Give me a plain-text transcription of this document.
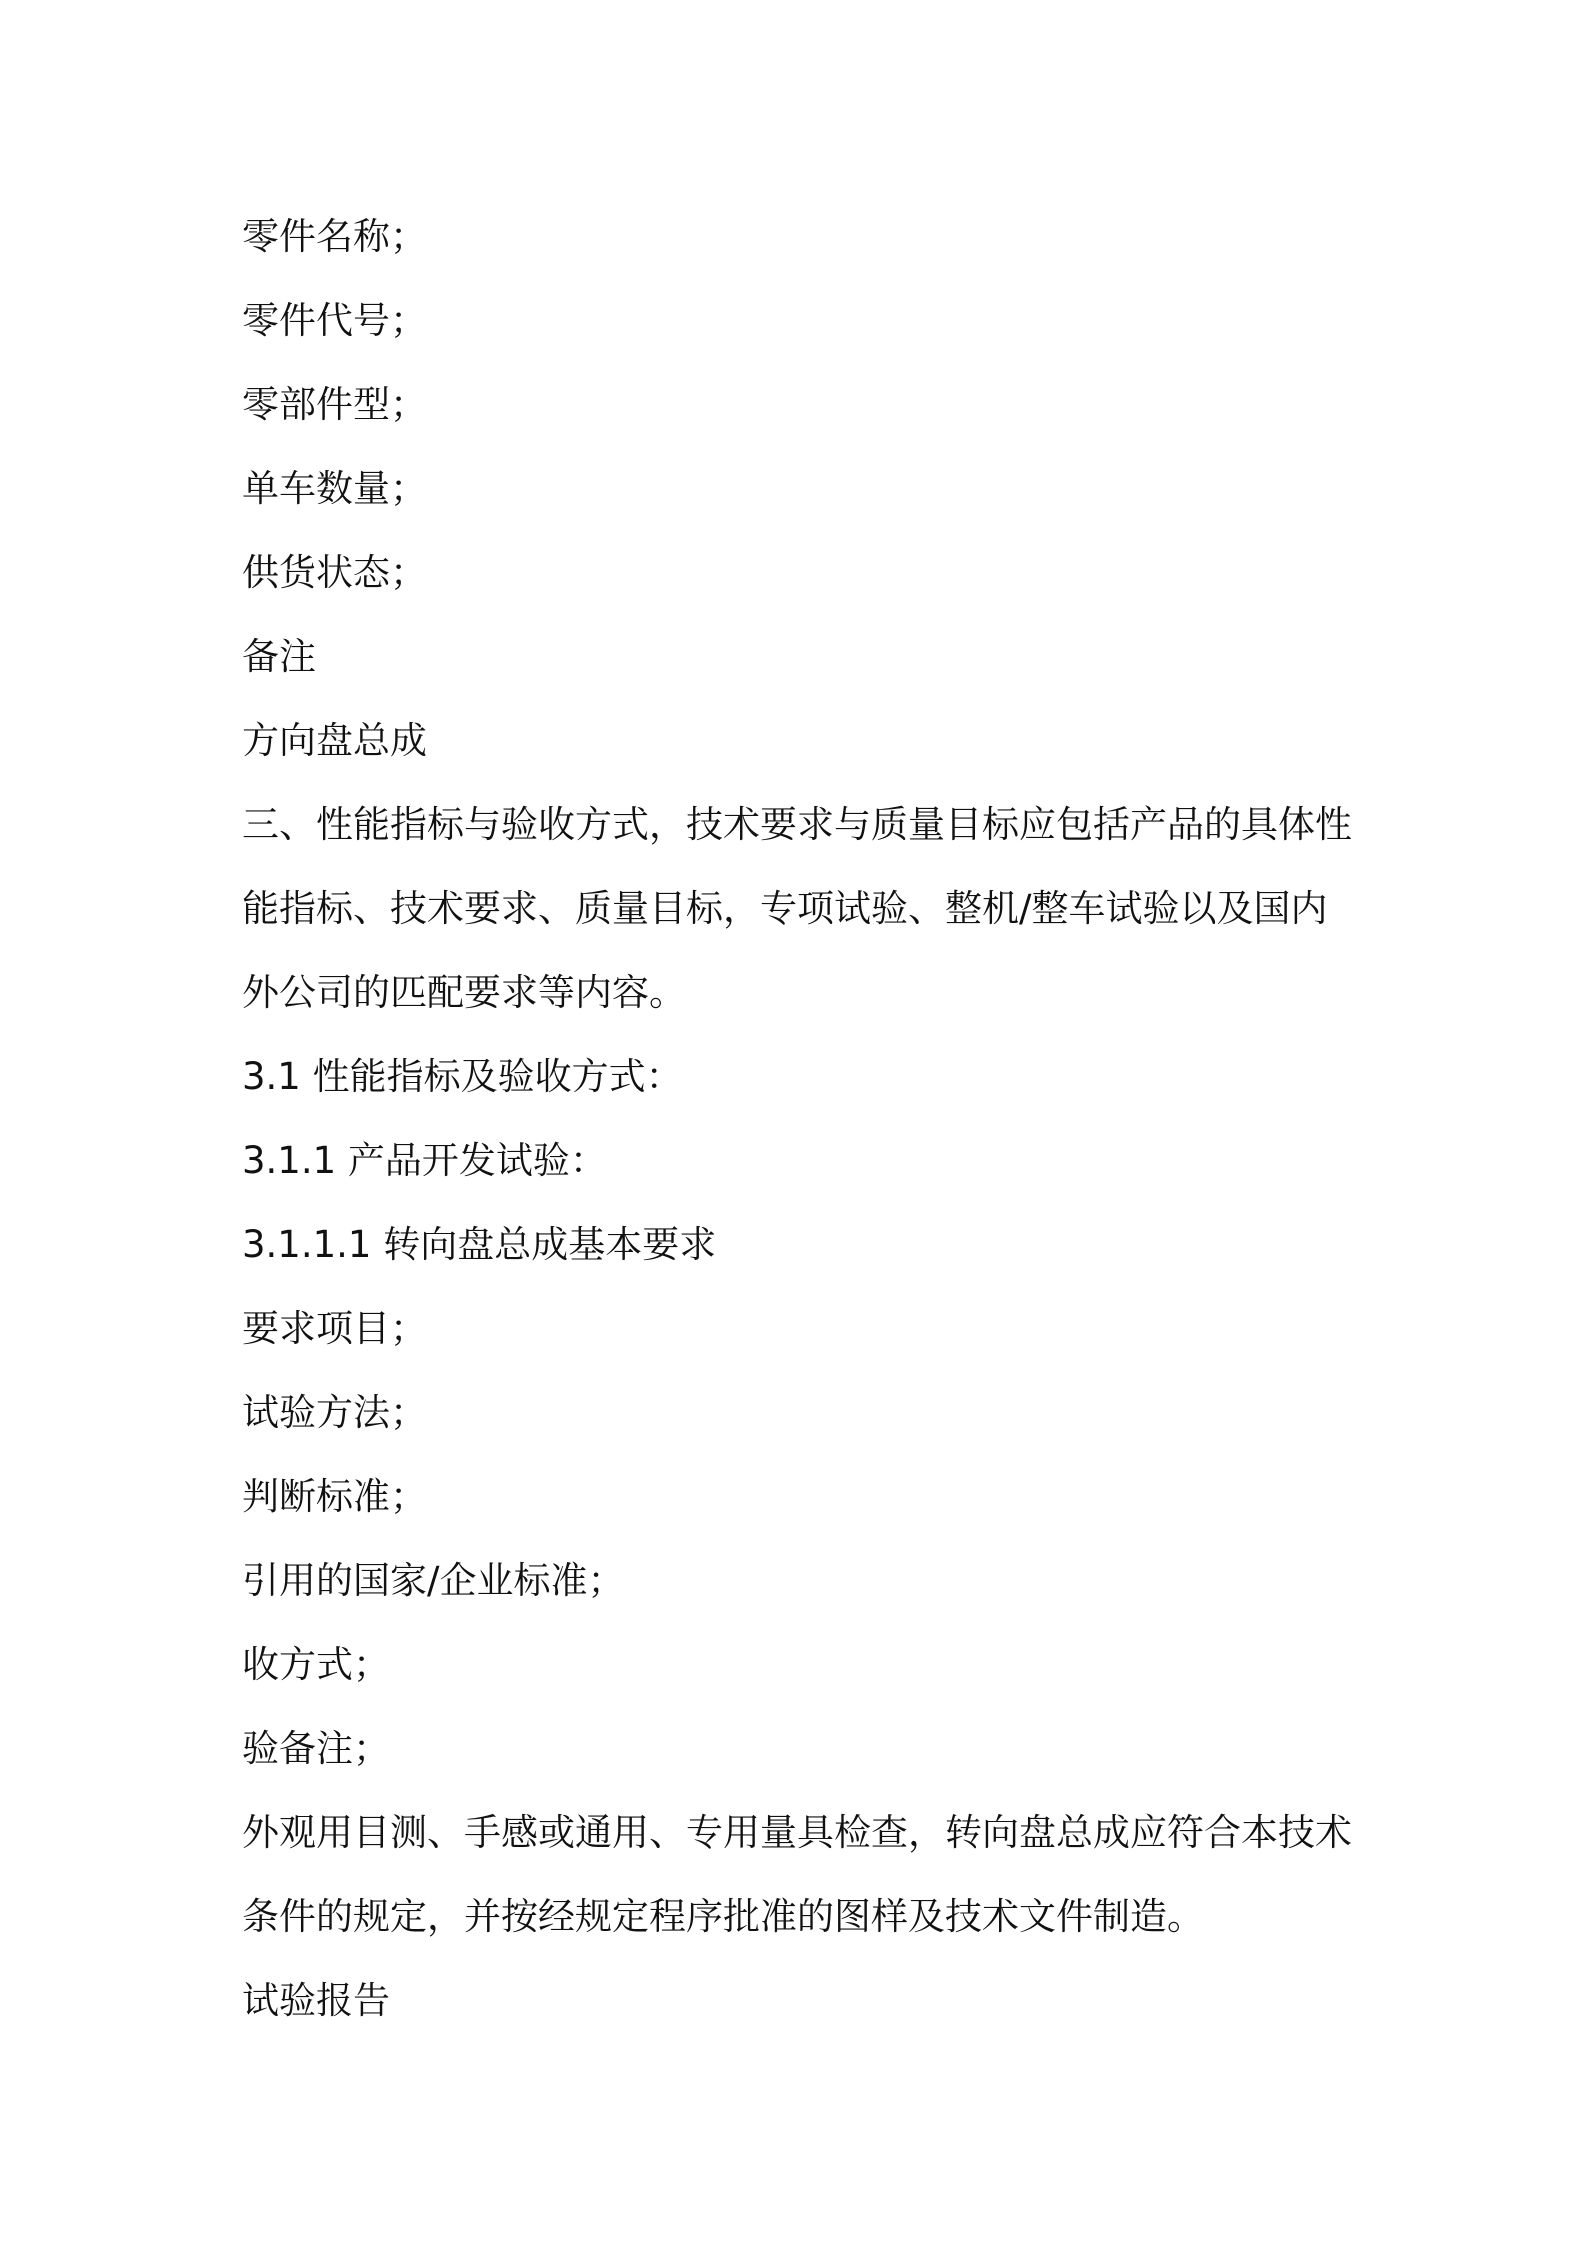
零件名称；
零件代号；
零部件型；
单车数量；
供货状态；
备注
方向盘总成
三、性能指标与验收方式，技术要求与质量目标应包括产品的具体性
能指标、技术要求、质量目标，专项试验、整机/整车试验以及国内
外公司的匹配要求等内容。
3.1 性能指标及验收方式：
3.1.1 产品开发试验：
3.1.1.1 转向盘总成基本要求
要求项目；
试验方法；
判断标准；
引用的国家/企业标准；
收方式；
验备注；
外观用目测、手感或通用、专用量具检查，转向盘总成应符合本技术
条件的规定，并按经规定程序批准的图样及技术文件制造。
试验报告
